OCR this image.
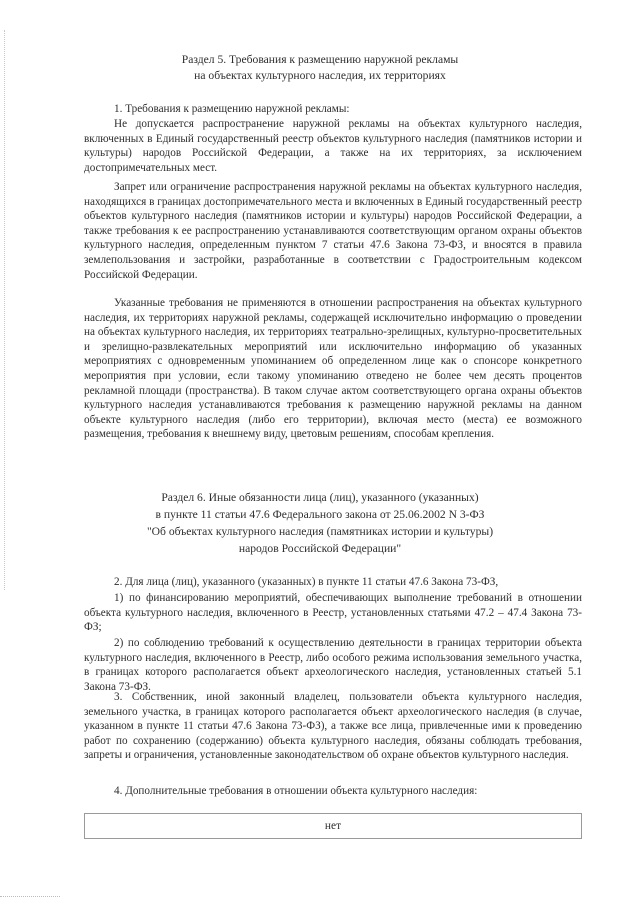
Раздел 5. Требования к размещению наружной рекламы

на объектах культурного наследия, их территориях

1. Требования к размещению наружной рекламы:

Не допускается распространение наружной рекламы на объектах культурного наследия, включенных в Единый государственный реестр объектов культурного наследия (памятников истории и культуры) народов Российской Федерации, а также на их территориях, за исключением достопримечательных мест.

Запрет или ограничение распространения наружной рекламы на объектах культурного наследия, находящихся в границах достопримечательного места и включенных в Единый государственный реестр объектов культурного наследия (памятников истории и культуры) народов Российской Федерации, а также требования к ее распространению устанавливаются соответствующим органом охраны объектов культурного наследия, определенным пунктом 7 статьи 47.6 Закона 73-ФЗ, и вносятся в правила землепользования и застройки, разработанные в соответствии с Градостроительным кодексом Российской Федерации.

Указанные требования не применяются в отношении распространения на объектах культурного наследия, их территориях наружной рекламы, содержащей исключительно информацию о проведении на объектах культурного наследия, их территориях театрально-зрелищных, культурно-просветительных и зрелищно-развлекательных мероприятий или исключительно информацию об указанных мероприятиях с одновременным упоминанием об определенном лице как о спонсоре конкретного мероприятия при условии, если такому упоминанию отведено не более чем десять процентов рекламной площади (пространства). В таком случае актом соответствующего органа охраны объектов культурного наследия устанавливаются требования к размещению наружной рекламы на данном объекте культурного наследия (либо его территории), включая место (места) ее возможного размещения, требования к внешнему виду, цветовым решениям, способам крепления.

Раздел 6. Иные обязанности лица (лиц), указанного (указанных)

в пункте 11 статьи 47.6 Федерального закона от 25.06.2002 N 3-ФЗ

"Об объектах культурного наследия (памятниках истории и культуры)

народов Российской Федерации"

2. Для лица (лиц), указанного (указанных) в пункте 11 статьи 47.6 Закона 73-ФЗ,

1) по финансированию мероприятий, обеспечивающих выполнение требований в отношении объекта культурного наследия, включенного в Реестр, установленных статьями 47.2 – 47.4 Закона 73-ФЗ;

2) по соблюдению требований к осуществлению деятельности в границах территории объекта культурного наследия, включенного в Реестр, либо особого режима использования земельного участка, в границах которого располагается объект археологического наследия, установленных статьей 5.1 Закона 73-ФЗ.

3. Собственник, иной законный владелец, пользователи объекта культурного наследия, земельного участка, в границах которого располагается объект археологического наследия (в случае, указанном в пункте 11 статьи 47.6 Закона 73-ФЗ), а также все лица, привлеченные ими к проведению работ по сохранению (содержанию) объекта культурного наследия, обязаны соблюдать требования, запреты и ограничения, установленные законодательством об охране объектов культурного наследия.

4. Дополнительные требования в отношении объекта культурного наследия:

нет
